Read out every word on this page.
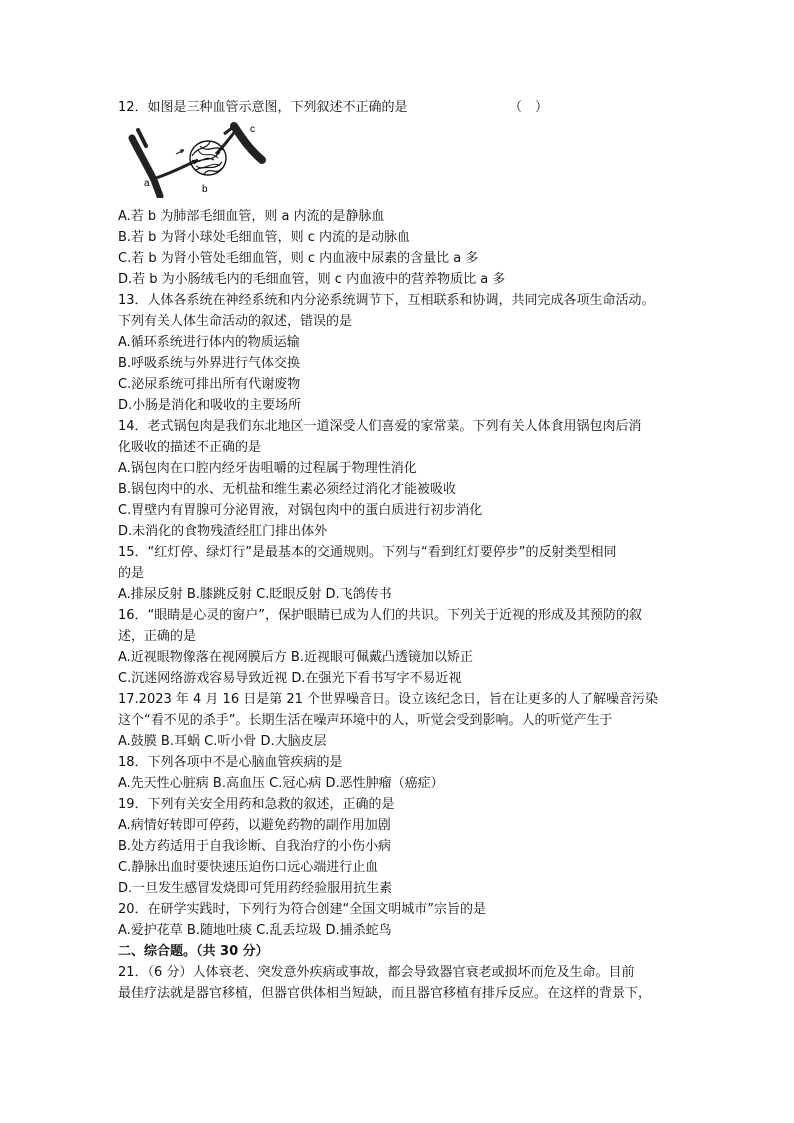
12．如图是三种血管示意图，下列叙述不正确的是	（　）
a
b
c
A.若 b 为肺部毛细血管，则 a 内流的是静脉血
B.若 b 为肾小球处毛细血管，则 c 内流的是动脉血
C.若 b 为肾小管处毛细血管，则 c 内血液中尿素的含量比 a 多
D.若 b 为小肠绒毛内的毛细血管，则 c 内血液中的营养物质比 a 多
13．人体各系统在神经系统和内分泌系统调节下，互相联系和协调，共同完成各项生命活动。
下列有关人体生命活动的叙述，错误的是
A.循环系统进行体内的物质运输
B.呼吸系统与外界进行气体交换
C.泌尿系统可排出所有代谢废物
D.小肠是消化和吸收的主要场所
14．老式锅包肉是我们东北地区一道深受人们喜爱的家常菜。下列有关人体食用锅包肉后消
化吸收的描述不正确的是
A.锅包肉在口腔内经牙齿咀嚼的过程属于物理性消化
B.锅包肉中的水、无机盐和维生素必须经过消化才能被吸收
C.胃壁内有胃腺可分泌胃液，对锅包肉中的蛋白质进行初步消化
D.未消化的食物残渣经肛门排出体外
15．“红灯停、绿灯行”是最基本的交通规则。下列与“看到红灯要停步”的反射类型相同
的是
A.排尿反射 B.膝跳反射 C.眨眼反射 D.飞鸽传书
16．“眼睛是心灵的窗户”，保护眼睛已成为人们的共识。下列关于近视的形成及其预防的叙
述，正确的是
A.近视眼物像落在视网膜后方 B.近视眼可佩戴凸透镜加以矫正
C.沉迷网络游戏容易导致近视 D.在强光下看书写字不易近视
17.2023 年 4 月 16 日是第 21 个世界噪音日。设立该纪念日，旨在让更多的人了解噪音污染
这个“看不见的杀手”。长期生活在噪声环境中的人，听觉会受到影响。人的听觉产生于
A.鼓膜 B.耳蜗 C.听小骨 D.大脑皮层
18．下列各项中不是心脑血管疾病的是
A.先天性心脏病 B.高血压 C.冠心病 D.恶性肿瘤（癌症）
19．下列有关安全用药和急救的叙述，正确的是
A.病情好转即可停药，以避免药物的副作用加剧
B.处方药适用于自我诊断、自我治疗的小伤小病
C.静脉出血时要快速压迫伤口远心端进行止血
D.一旦发生感冒发烧即可凭用药经验服用抗生素
20．在研学实践时，下列行为符合创建“全国文明城市”宗旨的是
A.爱护花草 B.随地吐痰 C.乱丢垃圾 D.捕杀蛇鸟
二、综合题。（共 30 分）
21．（6 分）人体衰老、突发意外疾病或事故，都会导致器官衰老或损坏而危及生命。目前
最佳疗法就是器官移植，但器官供体相当短缺，而且器官移植有排斥反应。在这样的背景下，
